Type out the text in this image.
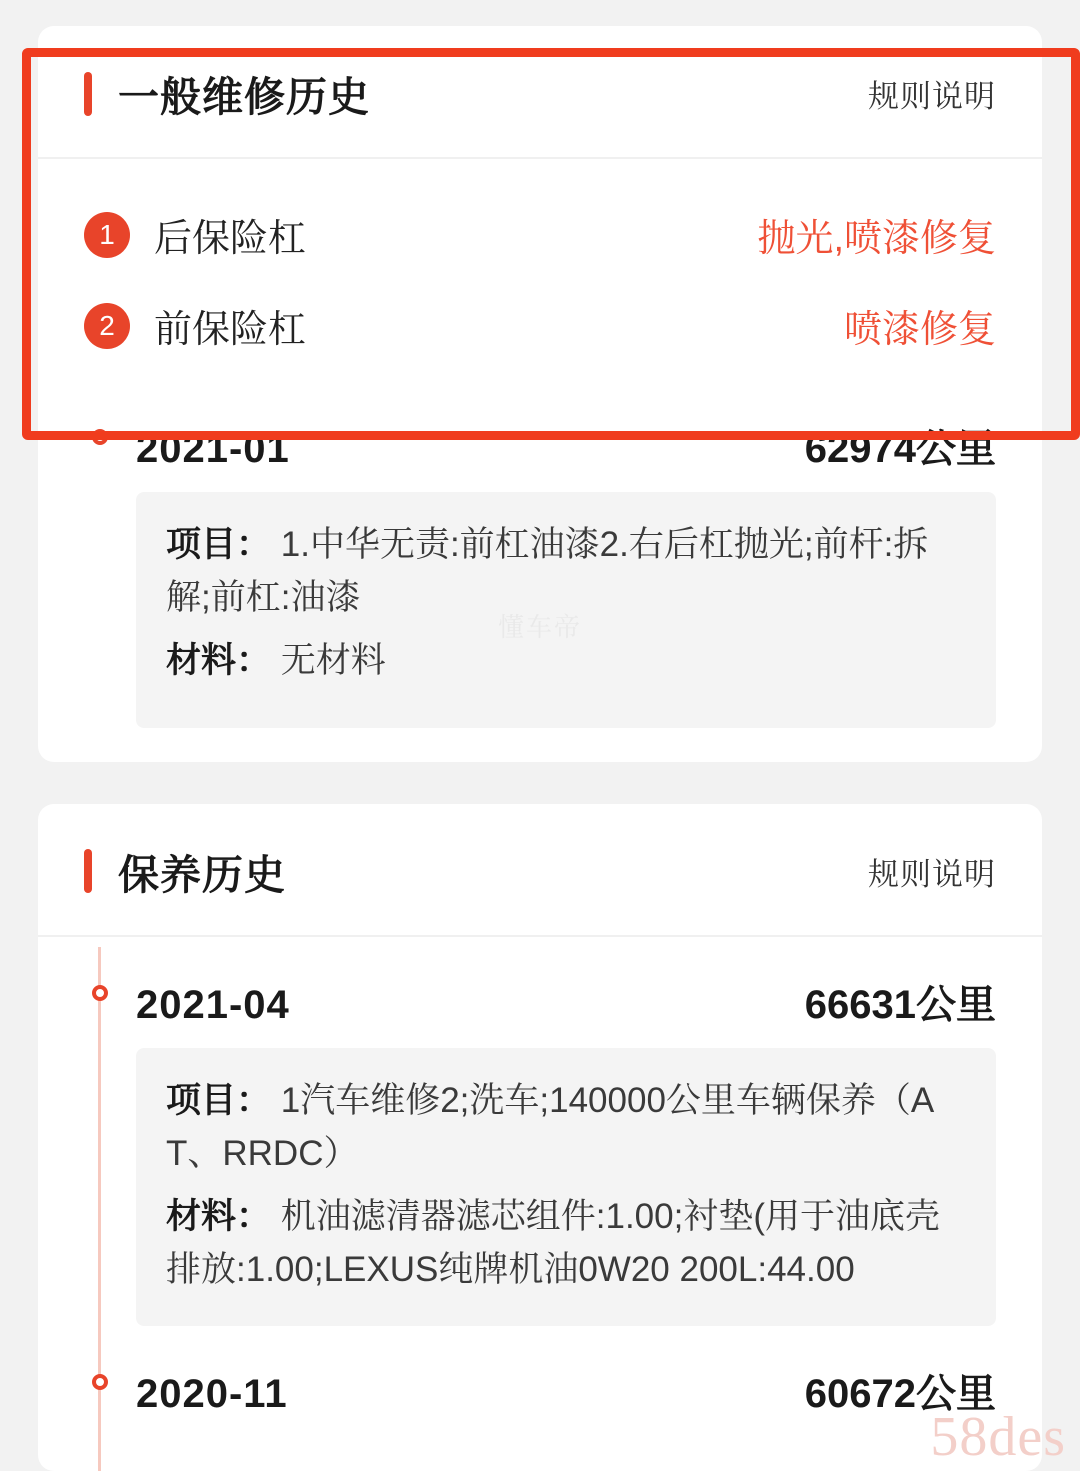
一般维修历史	规则说明
1	后保险杠	抛光,喷漆修复
2	前保险杠	喷漆修复
2021-01	62974公里
项目： 1.中华无责:前杠油漆2.右后杠抛光;前杆:拆解;前杠:油漆
材料： 无材料
懂车帝
保养历史	规则说明
2021-04	66631公里
项目： 1汽车维修2;洗车;140000公里车辆保养（AT、RRDC）
材料： 机油滤清器滤芯组件:1.00;衬垫(用于油底壳排放:1.00;LEXUS纯牌机油0W20 200L:44.00
2020-11	60672公里
58des
